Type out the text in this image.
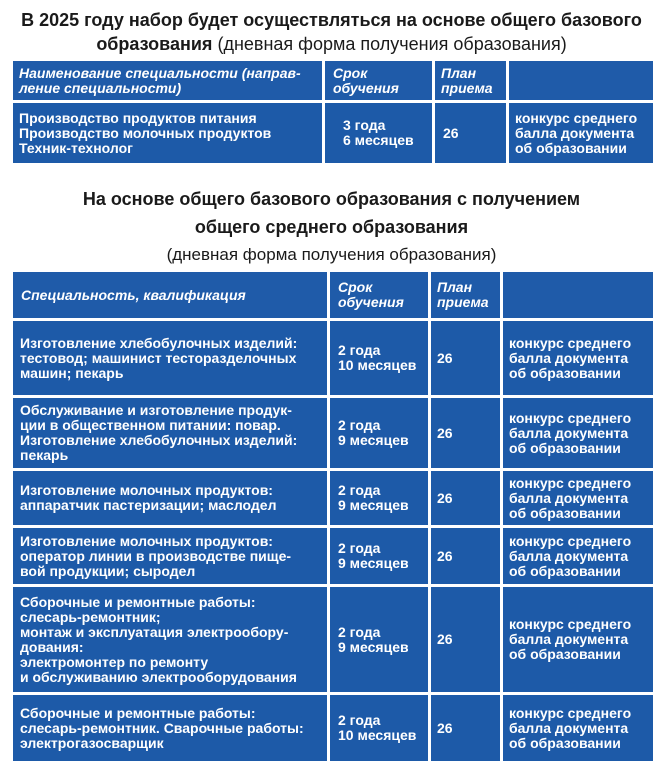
В 2025 году набор будет осуществляться на основе общего базового образования (дневная форма получения образования)
Наименование специальности (направ-
ление специальности)
Срок
обучения
План
приема
Производство продуктов питания
Производство молочных продуктов
Техник-технолог
3 года
6 месяцев 26
конкурс среднего
балла документа
об образовании
На основе общего базового образования с получением
общего среднего образования
(дневная форма получения образования)
Специальность, квалификация	Срок
обучения
План
приема
Изготовление хлебобулочных изделий:
тестовод; машинист тесторазделочных
машин; пекарь
2 года
10 месяцев 26
конкурс среднего
балла документа
об образовании
Обслуживание и изготовление продук-
ции в общественном питании: повар.
Изготовление хлебобулочных изделий:
пекарь
2 года
9 месяцев 26
конкурс среднего
балла документа
об образовании
Изготовление молочных продуктов:
аппаратчик пастеризации; маслодел
2 года
9 месяцев 26
конкурс среднего
балла документа
об образовании
Изготовление молочных продуктов:
оператор линии в производстве пище-
вой продукции; сыродел
2 года
9 месяцев 26
конкурс среднего
балла документа
об образовании
Сборочные и ремонтные работы:
слесарь-ремонтник;
монтаж и эксплуатация электрообору-
дования:
электромонтер по ремонту
и обслуживанию электрооборудования
2 года
9 месяцев 26
конкурс среднего
балла документа
об образовании
Сборочные и ремонтные работы:
слесарь-ремонтник. Сварочные работы:
электрогазосварщик
2 года
10 месяцев 26
конкурс среднего
балла документа
об образовании
